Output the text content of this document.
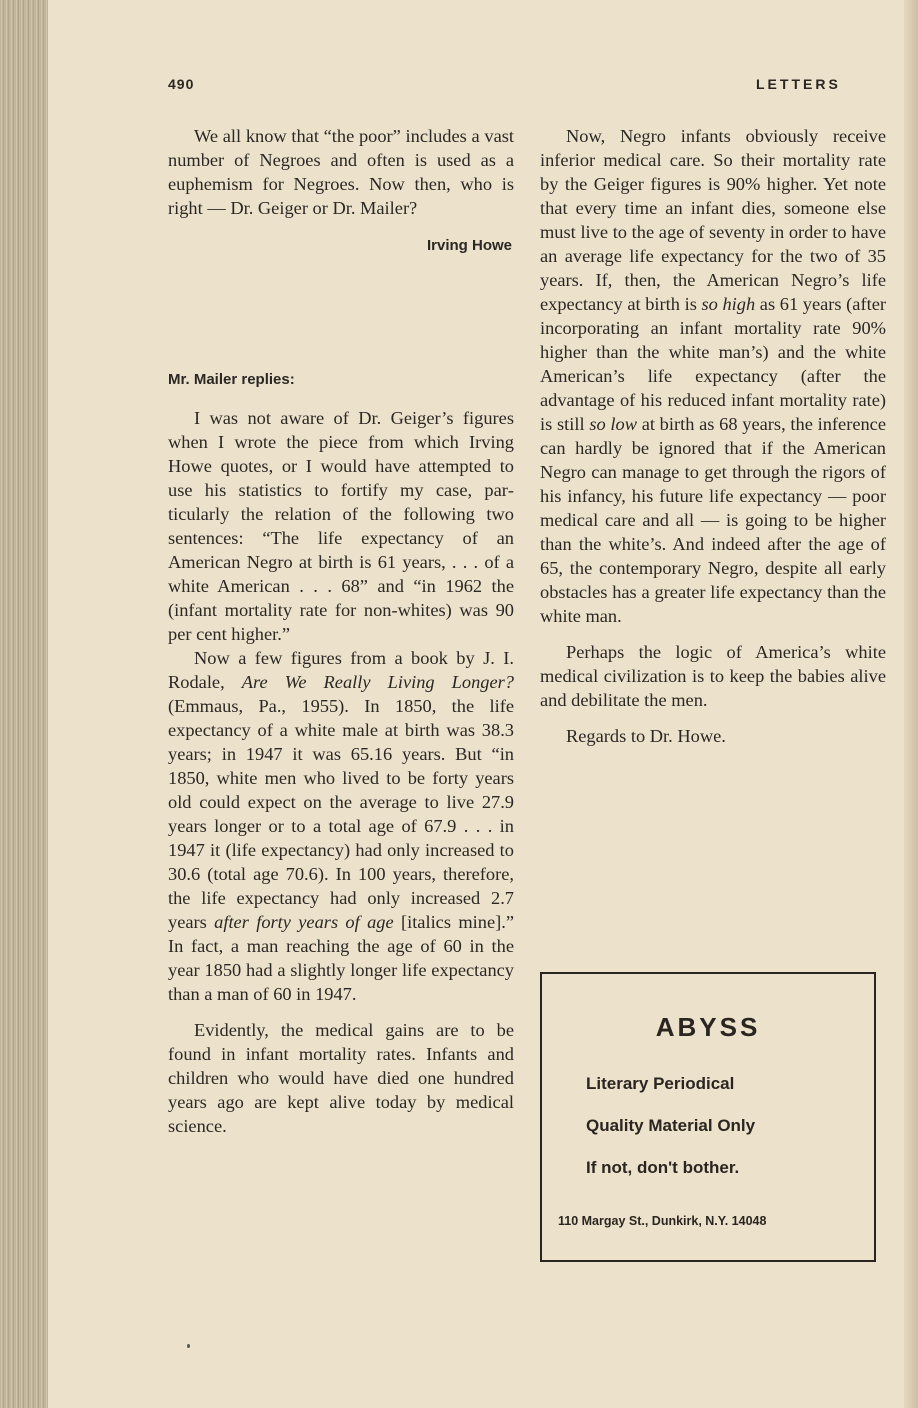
490	LETTERS

We all know that “the poor” includes a vast number of Negroes and often is used as a euphemism for Negroes. Now then, who is right — Dr. Geiger or Dr. Mailer?

Irving Howe
Mr. Mailer replies:

I was not aware of Dr. Geiger’s figures when I wrote the piece from which Irving Howe quotes, or I would have attempted to use his statistics to fortify my case, particularly the relation of the following two sentences: “The life expectancy of an American Negro at birth is 61 years, . . . of a white American . . . 68” and “in 1962 the (infant mortality rate for non-whites) was 90 per cent higher.”

Now a few figures from a book by J. I. Rodale, Are We Really Living Longer? (Emmaus, Pa., 1955). In 1850, the life expectancy of a white male at birth was 38.3 years; in 1947 it was 65.16 years. But “in 1850, white men who lived to be forty years old could expect on the average to live 27.9 years longer or to a total age of 67.9 . . . in 1947 it (life expectancy) had only increased to 30.6 (total age 70.6). In 100 years, therefore, the life expectancy had only increased 2.7 years after forty years of age [italics mine].” In fact, a man reaching the age of 60 in the year 1850 had a slightly longer life expectancy than a man of 60 in 1947.

Evidently, the medical gains are to be found in infant mortality rates. Infants and children who would have died one hundred years ago are kept alive today by medical science.

Now, Negro infants obviously receive inferior medical care. So their mortality rate by the Geiger figures is 90% higher. Yet note that every time an infant dies, someone else must live to the age of seventy in order to have an average life expectancy for the two of 35 years. If, then, the American Negro’s life expectancy at birth is so high as 61 years (after incorporating an infant mortality rate 90% higher than the white man’s) and the white American’s life expectancy (after the advantage of his reduced infant mortality rate) is still so low at birth as 68 years, the inference can hardly be ignored that if the American Negro can manage to get through the rigors of his infancy, his future life expectancy — poor medical care and all — is going to be higher than the white’s. And indeed after the age of 65, the contemporary Negro, despite all early obstacles has a greater life expectancy than the white man.

Perhaps the logic of America’s white medical civilization is to keep the babies alive and debilitate the men.

Regards to Dr. Howe.

ABYSS
Literary Periodical
Quality Material Only
If not, don't bother.
110 Margay St., Dunkirk, N.Y. 14048
